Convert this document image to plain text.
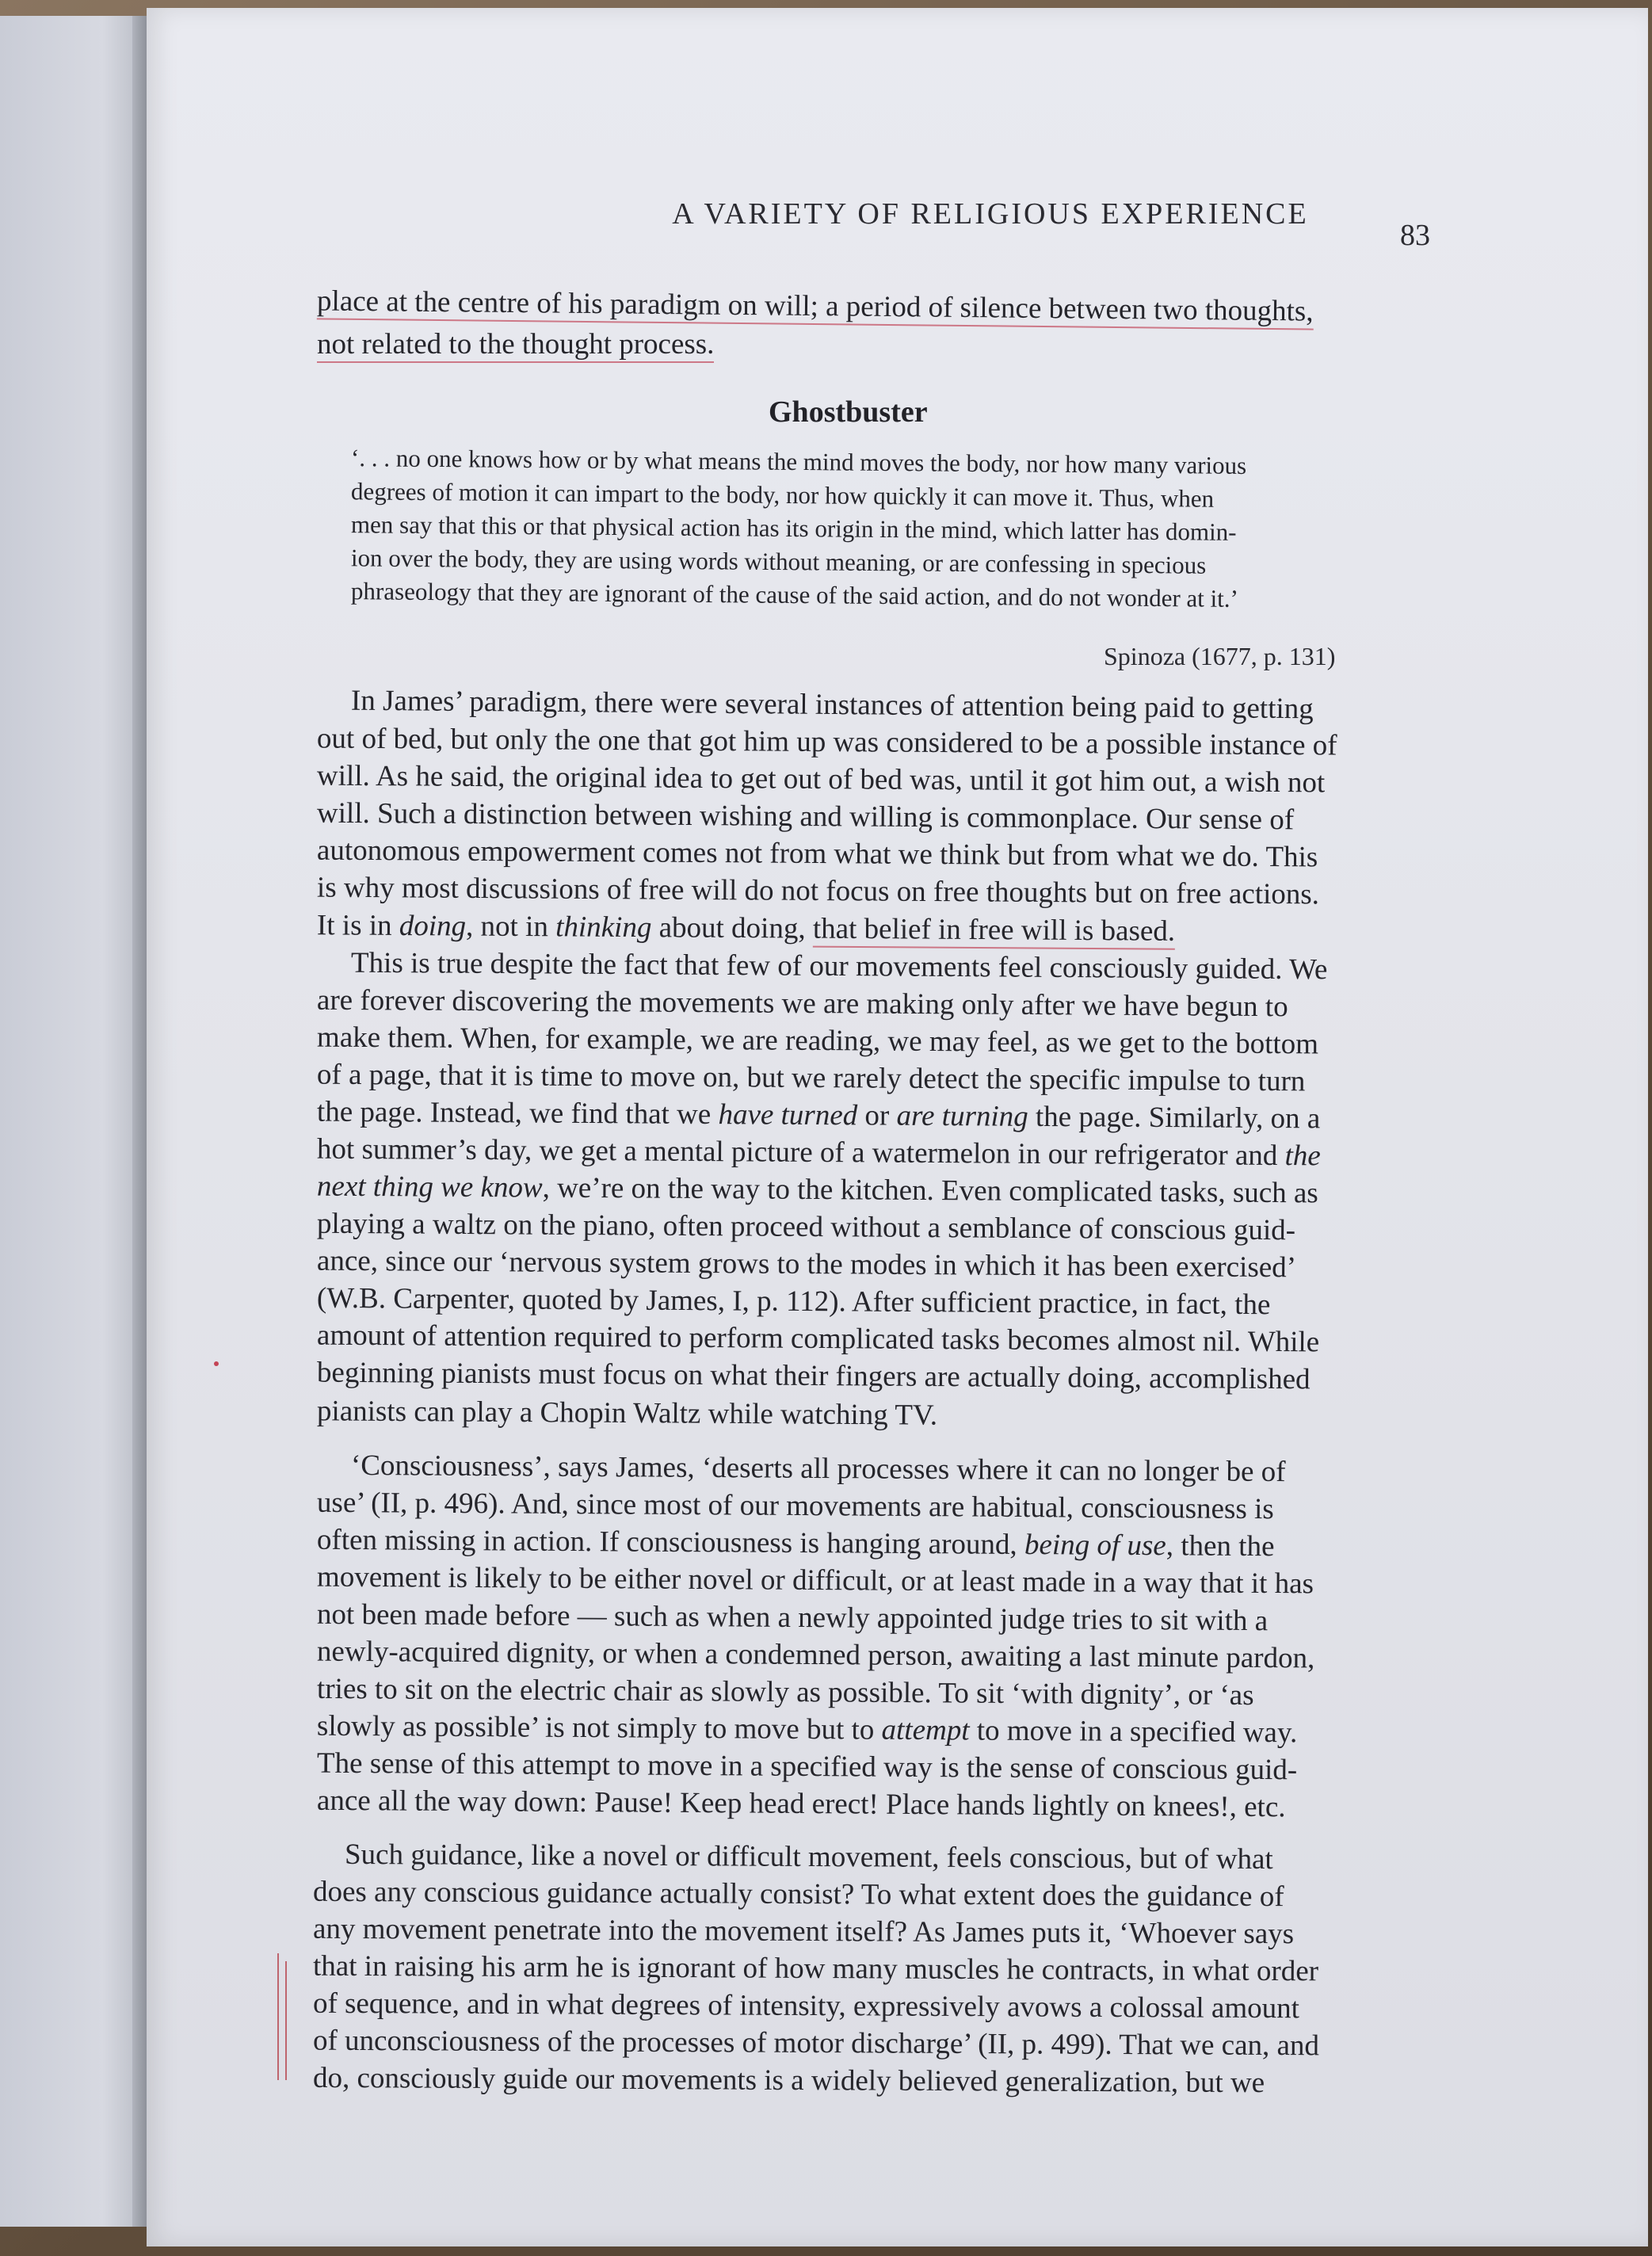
A VARIETY OF RELIGIOUS EXPERIENCE
83
place at the centre of his paradigm on will; a period of silence between two thoughts,
not related to the thought process.
Ghostbuster
‘. . . no one knows how or by what means the mind moves the body, nor how many various
degrees of motion it can impart to the body, nor how quickly it can move it. Thus, when
men say that this or that physical action has its origin in the mind, which latter has domin-
ion over the body, they are using words without meaning, or are confessing in specious
phraseology that they are ignorant of the cause of the said action, and do not wonder at it.’
Spinoza (1677, p. 131)
In James’ paradigm, there were several instances of attention being paid to getting
out of bed, but only the one that got him up was considered to be a possible instance of
will. As he said, the original idea to get out of bed was, until it got him out, a wish not
will. Such a distinction between wishing and willing is commonplace. Our sense of
autonomous empowerment comes not from what we think but from what we do. This
is why most discussions of free will do not focus on free thoughts but on free actions.
It is in doing, not in thinking about doing, that belief in free will is based.
This is true despite the fact that few of our movements feel consciously guided. We
are forever discovering the movements we are making only after we have begun to
make them. When, for example, we are reading, we may feel, as we get to the bottom
of a page, that it is time to move on, but we rarely detect the specific impulse to turn
the page. Instead, we find that we have turned or are turning the page. Similarly, on a
hot summer’s day, we get a mental picture of a watermelon in our refrigerator and the
next thing we know, we’re on the way to the kitchen. Even complicated tasks, such as
playing a waltz on the piano, often proceed without a semblance of conscious guid-
ance, since our ‘nervous system grows to the modes in which it has been exercised’
(W.B. Carpenter, quoted by James, I, p. 112). After sufficient practice, in fact, the
amount of attention required to perform complicated tasks becomes almost nil. While
beginning pianists must focus on what their fingers are actually doing, accomplished
pianists can play a Chopin Waltz while watching TV.
‘Consciousness’, says James, ‘deserts all processes where it can no longer be of
use’ (II, p. 496). And, since most of our movements are habitual, consciousness is
often missing in action. If consciousness is hanging around, being of use, then the
movement is likely to be either novel or difficult, or at least made in a way that it has
not been made before — such as when a newly appointed judge tries to sit with a
newly-acquired dignity, or when a condemned person, awaiting a last minute pardon,
tries to sit on the electric chair as slowly as possible. To sit ‘with dignity’, or ‘as
slowly as possible’ is not simply to move but to attempt to move in a specified way.
The sense of this attempt to move in a specified way is the sense of conscious guid-
ance all the way down: Pause! Keep head erect! Place hands lightly on knees!, etc.
Such guidance, like a novel or difficult movement, feels conscious, but of what
does any conscious guidance actually consist? To what extent does the guidance of
any movement penetrate into the movement itself? As James puts it, ‘Whoever says
that in raising his arm he is ignorant of how many muscles he contracts, in what order
of sequence, and in what degrees of intensity, expressively avows a colossal amount
of unconsciousness of the processes of motor discharge’ (II, p. 499). That we can, and
do, consciously guide our movements is a widely believed generalization, but we
